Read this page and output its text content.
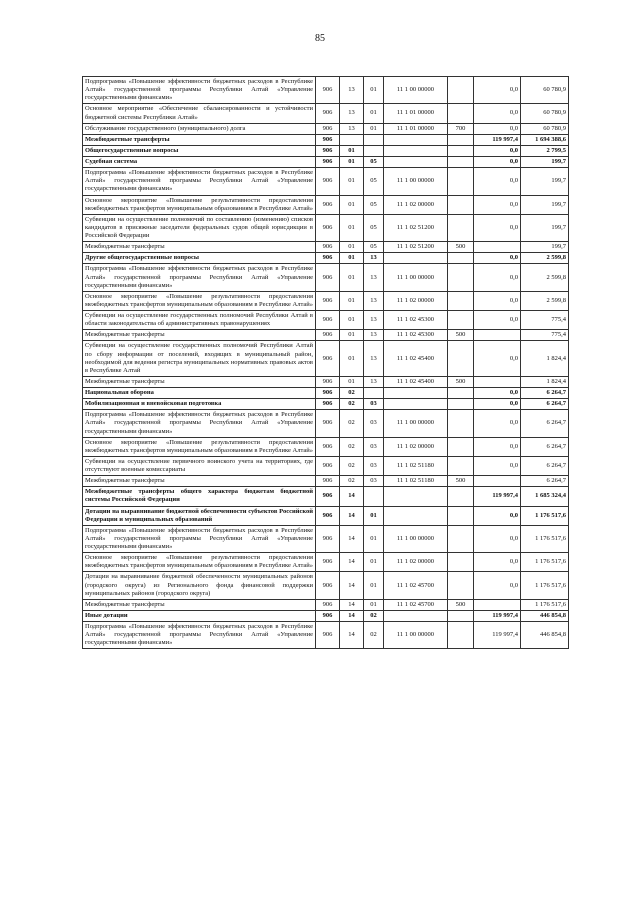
85
Подпрограмма «Повышение эффективности бюджетных расходов в Республике Алтай» государственной программы Республики Алтай «Управление государственными финансами»	906	13	01	11 1 00 00000		0,0	60 780,9
Основное мероприятие «Обеспечение сбалансированности и устойчивости бюджетной системы Республики Алтай»	906	13	01	11 1 01 00000		0,0	60 780,9
Обслуживание государственного (муниципального) долга	906	13	01	11 1 01 00000	700	0,0	60 780,9
Межбюджетные трансферты	906					119 997,4	1 694 388,6
Общегосударственные вопросы	906	01				0,0	2 799,5
Судебная система	906	01	05			0,0	199,7
Подпрограмма «Повышение эффективности бюджетных расходов в Республике Алтай» государственной программы Республики Алтай «Управление государственными финансами»	906	01	05	11 1 00 00000		0,0	199,7
Основное мероприятие «Повышение результативности предоставления межбюджетных трансфертов муниципальным образованиям в Республике Алтай»	906	01	05	11 1 02 00000		0,0	199,7
Субвенции на осуществление полномочий по составлению (изменению) списков кандидатов в присяжные заседатели федеральных судов общей юрисдикции в Российской Федерации	906	01	05	11 1 02 51200		0,0	199,7
Межбюджетные трансферты	906	01	05	11 1 02 51200	500		199,7
Другие общегосударственные вопросы	906	01	13			0,0	2 599,8
Подпрограмма «Повышение эффективности бюджетных расходов в Республике Алтай» государственной программы Республики Алтай «Управление государственными финансами»	906	01	13	11 1 00 00000		0,0	2 599,8
Основное мероприятие «Повышение результативности предоставления межбюджетных трансфертов муниципальным образованиям в Республике Алтай»	906	01	13	11 1 02 00000		0,0	2 599,8
Субвенции на осуществление государственных полномочий Республики Алтай в области законодательства об административных правонарушениях	906	01	13	11 1 02 45300		0,0	775,4
Межбюджетные трансферты	906	01	13	11 1 02 45300	500		775,4
Субвенции на осуществление государственных полномочий Республики Алтай по сбору информации от поселений, входящих в муниципальный район, необходимой для ведения регистра муниципальных нормативных правовых актов в Республике Алтай	906	01	13	11 1 02 45400		0,0	1 824,4
Межбюджетные трансферты	906	01	13	11 1 02 45400	500		1 824,4
Национальная оборона	906	02				0,0	6 264,7
Мобилизационная и вневойсковая подготовка	906	02	03			0,0	6 264,7
Подпрограмма «Повышение эффективности бюджетных расходов в Республике Алтай» государственной программы Республики Алтай «Управление государственными финансами»	906	02	03	11 1 00 00000		0,0	6 264,7
Основное мероприятие «Повышение результативности предоставления межбюджетных трансфертов муниципальным образованиям в Республике Алтай»	906	02	03	11 1 02 00000		0,0	6 264,7
Субвенции на осуществление первичного воинского учета на территориях, где отсутствуют военные комиссариаты	906	02	03	11 1 02 51180		0,0	6 264,7
Межбюджетные трансферты	906	02	03	11 1 02 51180	500		6 264,7
Межбюджетные трансферты общего характера бюджетам бюджетной системы Российской Федерации	906	14				119 997,4	1 685 324,4
Дотации на выравнивание бюджетной обеспеченности субъектов Российской Федерации и муниципальных образований	906	14	01			0,0	1 176 517,6
Подпрограмма «Повышение эффективности бюджетных расходов в Республике Алтай» государственной программы Республики Алтай «Управление государственными финансами»	906	14	01	11 1 00 00000		0,0	1 176 517,6
Основное мероприятие «Повышение результативности предоставления межбюджетных трансфертов муниципальным образованиям в Республике Алтай»	906	14	01	11 1 02 00000		0,0	1 176 517,6
Дотации на выравнивание бюджетной обеспеченности муниципальных районов (городского округа) из Регионального фонда финансовой поддержки муниципальных районов (городского округа)	906	14	01	11 1 02 45700		0,0	1 176 517,6
Межбюджетные трансферты	906	14	01	11 1 02 45700	500		1 176 517,6
Иные дотации	906	14	02			119 997,4	446 854,8
Подпрограмма «Повышение эффективности бюджетных расходов в Республике Алтай» государственной программы Республики Алтай «Управление государственными финансами»	906	14	02	11 1 00 00000		119 997,4	446 854,8
